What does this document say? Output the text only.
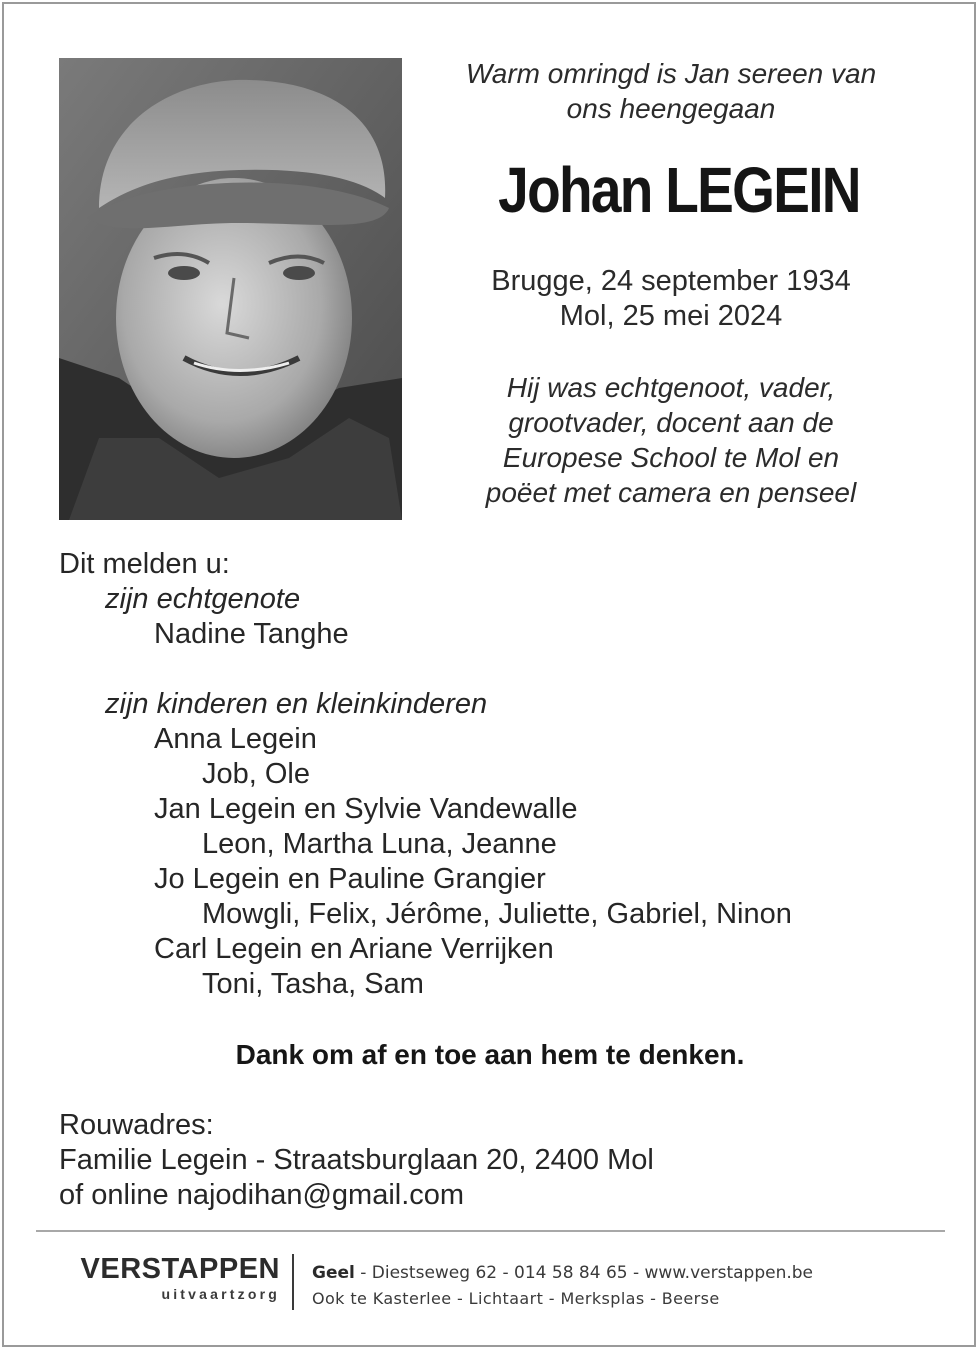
Warm omringd is Jan sereen van
ons heengegaan
Johan LEGEIN
Brugge, 24 september 1934
Mol, 25 mei 2024
Hij was echtgenoot, vader,
grootvader, docent aan de
Europese School te Mol en
poëet met camera en penseel
Dit melden u:
zijn echtgenote
Nadine Tanghe
zijn kinderen en kleinkinderen
Anna Legein
Job, Ole
Jan Legein en Sylvie Vandewalle
Leon, Martha Luna, Jeanne
Jo Legein en Pauline Grangier
Mowgli, Felix, Jérôme, Juliette, Gabriel, Ninon
Carl Legein en Ariane Verrijken
Toni, Tasha, Sam
Dank om af en toe aan hem te denken.
Rouwadres:
Familie Legein - Straatsburglaan 20, 2400 Mol
of online najodihan@gmail.com
VERSTAPPEN
uitvaartzorg
Geel - Diestseweg 62 - 014 58 84 65 - www.verstappen.be
Ook te Kasterlee - Lichtaart - Merksplas - Beerse
